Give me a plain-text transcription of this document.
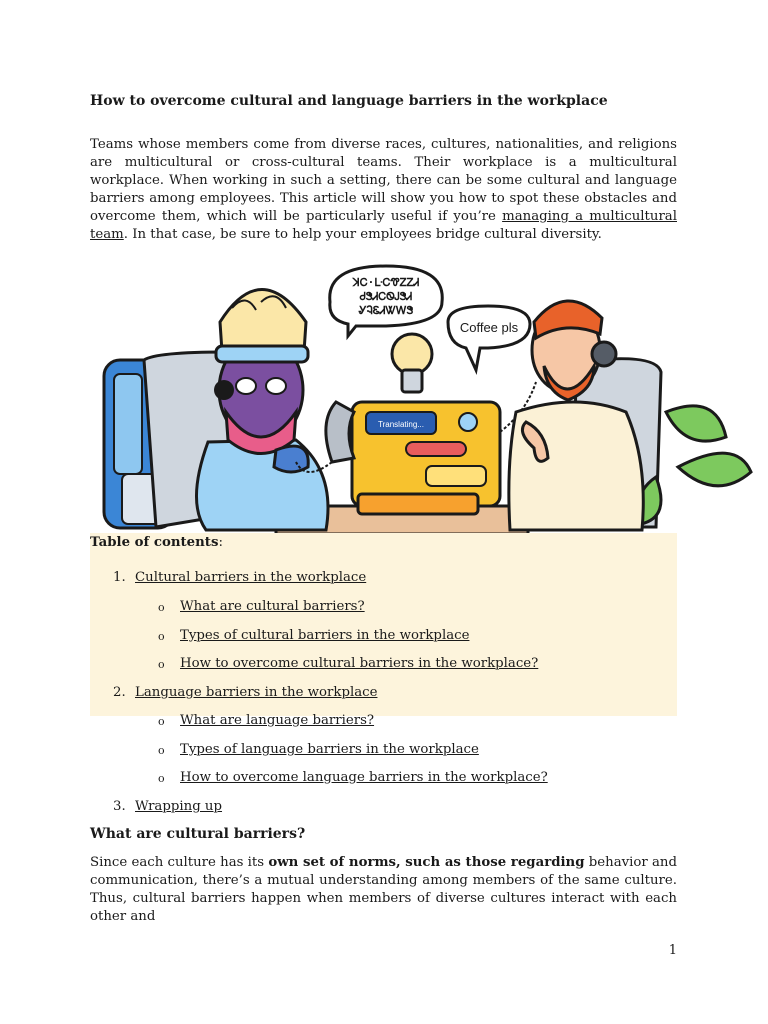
How to overcome cultural and language barriers in the workplace

Teams whose members come from diverse races, cultures, nationalities, and religions are multicultural or cross-cultural teams. Their workplace is a multicultural workplace. When working in such a setting, there can be some cultural and language barriers among employees. This article will show you how to spot these obstacles and overcome them, which will be particularly useful if you’re managing a multicultural team. In that case, be sure to help your employees bridge cultural diversity.

ꓘᏟ·ᒷᏟᏡᏃᏃᏗ
ᏧᏕᏗᏟᏫᎫᏕᏗ
ᎽᎸᏋᏗᏔᎳᏕ
Coffee pls
Translating...

Table of contents:

1. Cultural barriers in the workplace
o What are cultural barriers?
o Types of cultural barriers in the workplace
o How to overcome cultural barriers in the workplace?
2. Language barriers in the workplace
o What are language barriers?
o Types of language barriers in the workplace
o How to overcome language barriers in the workplace?
3. Wrapping up
What are cultural barriers?

Since each culture has its own set of norms, such as those regarding behavior and communication, there’s a mutual understanding among members of the same culture. Thus, cultural barriers happen when members of diverse cultures interact with each other and

1
